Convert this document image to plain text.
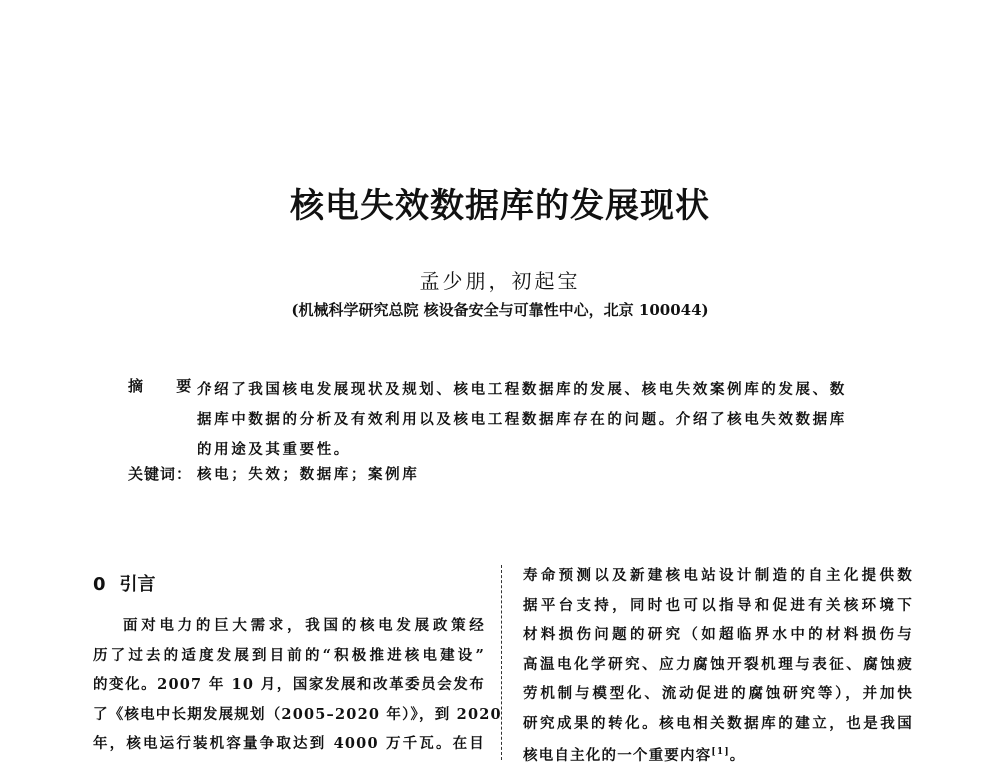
核电失效数据库的发展现状
孟少朋，初起宝
(机械科学研究总院 核设备安全与可靠性中心，北京 100044)
摘 要：
介绍了我国核电发展现状及规划、核电工程数据库的发展、核电失效案例库的发展、数
据库中数据的分析及有效利用以及核电工程数据库存在的问题。介绍了核电失效数据库
的用途及其重要性。
关键词： 核电；失效；数据库；案例库
0 引言
面对电力的巨大需求，我国的核电发展政策经
历了过去的适度发展到目前的“积极推进核电建设”
的变化。2007 年 10 月，国家发展和改革委员会发布
了《核电中长期发展规划（2005–2020 年）》，到 2020
年，核电运行装机容量争取达到 4000 万千瓦。在目
寿命预测以及新建核电站设计制造的自主化提供数
据平台支持，同时也可以指导和促进有关核环境下
材料损伤问题的研究（如超临界水中的材料损伤与
高温电化学研究、应力腐蚀开裂机理与表征、腐蚀疲
劳机制与模型化、流动促进的腐蚀研究等），并加快
研究成果的转化。核电相关数据库的建立，也是我国
核电自主化的一个重要内容[1]。
